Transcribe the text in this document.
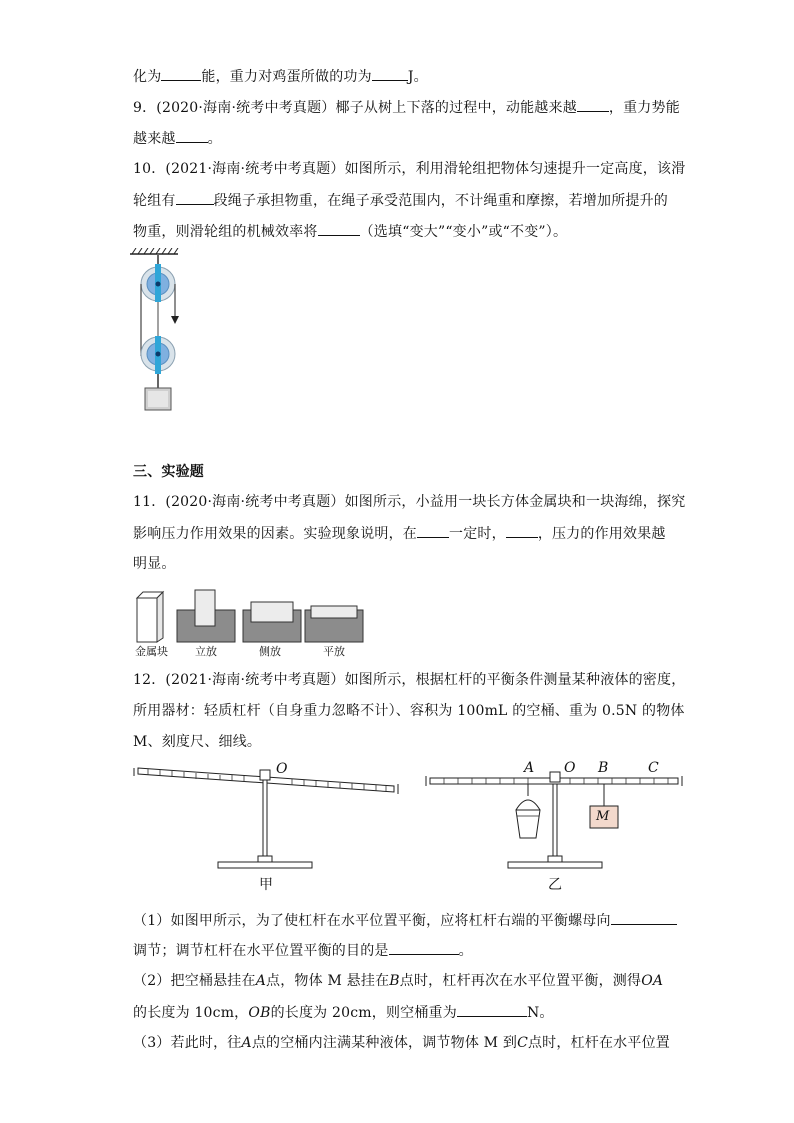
化为	能，重力对鸡蛋所做的功为	J。
9．(2020·海南·统考中考真题）椰子从树上下落的过程中，动能越来越 ，重力势能
越来越 。
10．(2021·海南·统考中考真题）如图所示，利用滑轮组把物体匀速提升一定高度，该滑
轮组有	段绳子承担物重，在绳子承受范围内，不计绳重和摩擦，若增加所提升的
物重，则滑轮组的机械效率将	（选填“变大”“变小”或“不变”）。
三、实验题
11．(2020·海南·统考中考真题）如图所示，小益用一块长方体金属块和一块海绵，探究
影响压力作用效果的因素。实验现象说明，在 一定时， ，压力的作用效果越
明显。
金属块 立放	侧放	平放
12．(2021·海南·统考中考真题）如图所示，根据杠杆的平衡条件测量某种液体的密度，
所用器材：轻质杠杆（自身重力忽略不计）、容积为 100mL 的空桶、重为 0.5N 的物体
M、刻度尺、细线。
O
甲
A O B	C
M
乙
（1）如图甲所示，为了使杠杆在水平位置平衡，应将杠杆右端的平衡螺母向
调节；调节杠杆在水平位置平衡的目的是	。
（2）把空桶悬挂在A点，物体 M 悬挂在B点时，杠杆再次在水平位置平衡，测得OA
的长度为 10cm，OB的长度为 20cm，则空桶重为	N。
（3）若此时，往A点的空桶内注满某种液体，调节物体 M 到C点时，杠杆在水平位置
